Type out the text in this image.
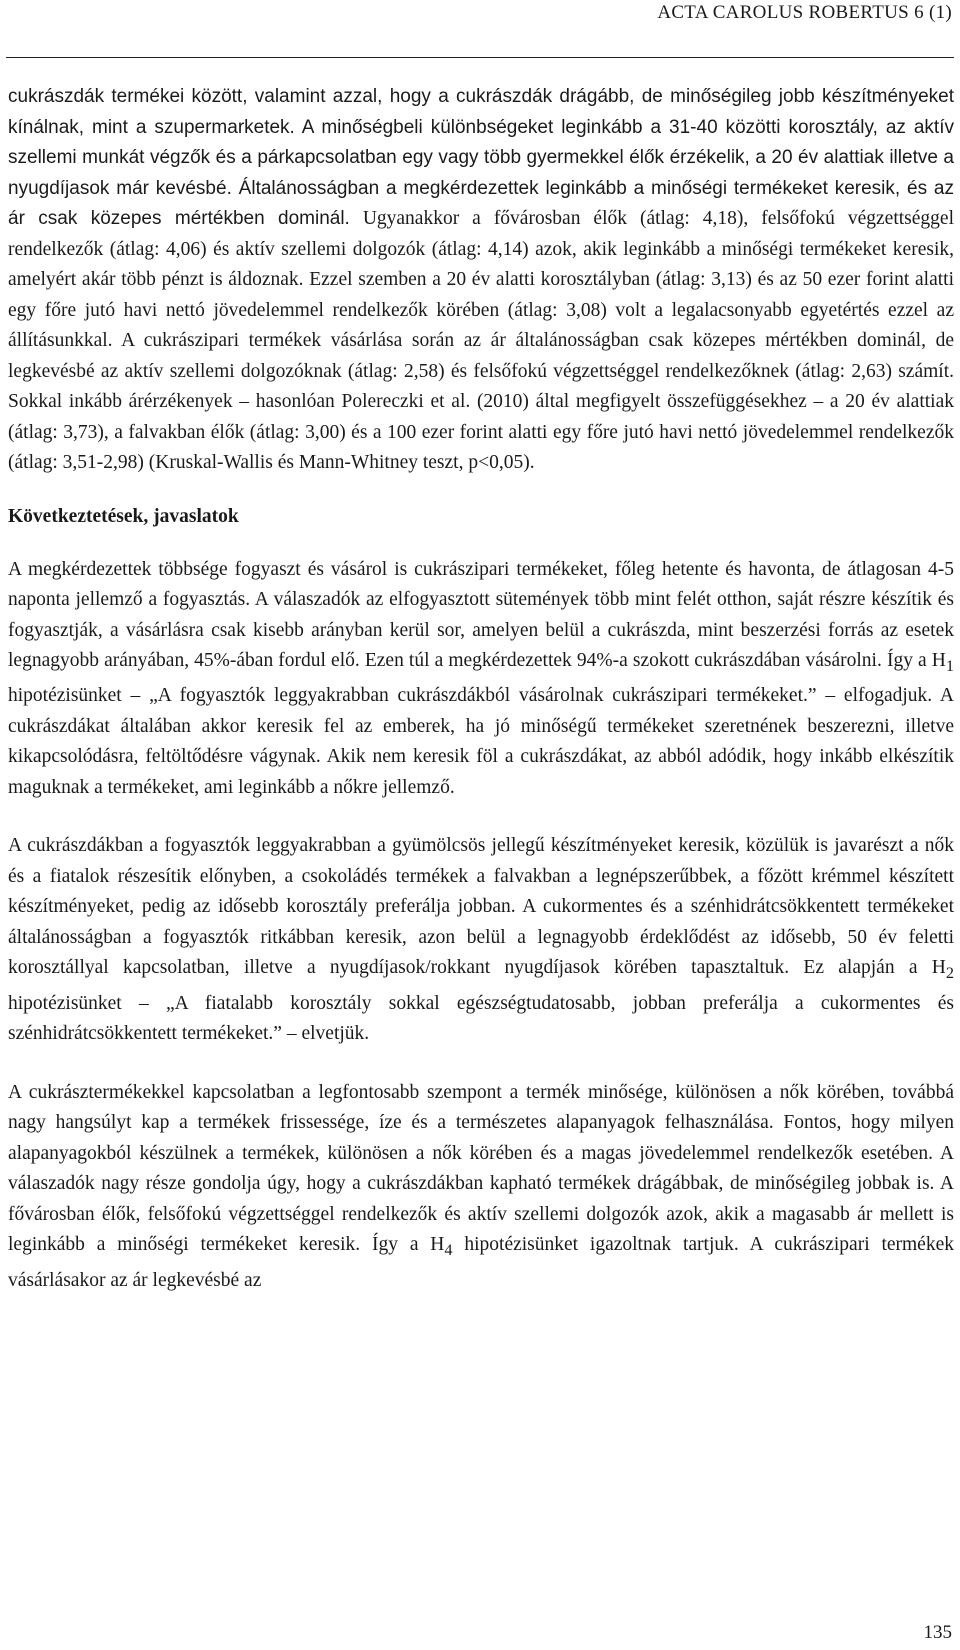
ACTA CAROLUS ROBERTUS 6 (1)

cukrászdák termékei között, valamint azzal, hogy a cukrászdák drágább, de minőségileg jobb készítményeket kínálnak, mint a szupermarketek. A minőségbeli különbségeket leginkább a 31-40 közötti korosztály, az aktív szellemi munkát végzők és a párkapcsolatban egy vagy több gyermekkel élők érzékelik, a 20 év alattiak illetve a nyugdíjasok már kevésbé. Általánosságban a megkérdezettek leginkább a minőségi termékeket keresik, és az ár csak közepes mértékben dominál. Ugyanakkor a fővárosban élők (átlag: 4,18), felsőfokú végzettséggel rendelkezők (átlag: 4,06) és aktív szellemi dolgozók (átlag: 4,14) azok, akik leginkább a minőségi termékeket keresik, amelyért akár több pénzt is áldoznak. Ezzel szemben a 20 év alatti korosztályban (átlag: 3,13) és az 50 ezer forint alatti egy főre jutó havi nettó jövedelemmel rendelkezők körében (átlag: 3,08) volt a legalacsonyabb egyetértés ezzel az állításunkkal. A cukrászipari termékek vásárlása során az ár általánosságban csak közepes mértékben dominál, de legkevésbé az aktív szellemi dolgozóknak (átlag: 2,58) és felsőfokú végzettséggel rendelkezőknek (átlag: 2,63) számít. Sokkal inkább árérzékenyek – hasonlóan Polereczki et al. (2010) által megfigyelt összefüggésekhez – a 20 év alattiak (átlag: 3,73), a falvakban élők (átlag: 3,00) és a 100 ezer forint alatti egy főre jutó havi nettó jövedelemmel rendelkezők (átlag: 3,51-2,98) (Kruskal-Wallis és Mann-Whitney teszt, p<0,05).

Következtetések, javaslatok

A megkérdezettek többsége fogyaszt és vásárol is cukrászipari termékeket, főleg hetente és havonta, de átlagosan 4-5 naponta jellemző a fogyasztás. A válaszadók az elfogyasztott sütemények több mint felét otthon, saját részre készítik és fogyasztják, a vásárlásra csak kisebb arányban kerül sor, amelyen belül a cukrászda, mint beszerzési forrás az esetek legnagyobb arányában, 45%-ában fordul elő. Ezen túl a megkérdezettek 94%-a szokott cukrászdában vásárolni. Így a $H_1$ hipotézisünket – „A fogyasztók leggyakrabban cukrászdákból vásárolnak cukrászipari termékeket.” – elfogadjuk. A cukrászdákat általában akkor keresik fel az emberek, ha jó minőségű termékeket szeretnének beszerezni, illetve kikapcsolódásra, feltöltődésre vágynak. Akik nem keresik föl a cukrászdákat, az abból adódik, hogy inkább elkészítik maguknak a termékeket, ami leginkább a nőkre jellemző.

A cukrászdákban a fogyasztók leggyakrabban a gyümölcsös jellegű készítményeket keresik, közülük is javarészt a nők és a fiatalok részesítik előnyben, a csokoládés termékek a falvakban a legnépszerűbbek, a főzött krémmel készített készítményeket, pedig az idősebb korosztály preferálja jobban. A cukormentes és a szénhidrátcsökkentett termékeket általánosságban a fogyasztók ritkábban keresik, azon belül a legnagyobb érdeklődést az idősebb, 50 év feletti korosztállyal kapcsolatban, illetve a nyugdíjasok/rokkant nyugdíjasok körében tapasztaltuk. Ez alapján a $H_2$ hipotézisünket – „A fiatalabb korosztály sokkal egészségtudatosabb, jobban preferálja a cukormentes és szénhidrátcsökkentett termékeket.” – elvetjük.

A cukrásztermékekkel kapcsolatban a legfontosabb szempont a termék minősége, különösen a nők körében, továbbá nagy hangsúlyt kap a termékek frissessége, íze és a természetes alapanyagok felhasználása. Fontos, hogy milyen alapanyagokból készülnek a termékek, különösen a nők körében és a magas jövedelemmel rendelkezők esetében. A válaszadók nagy része gondolja úgy, hogy a cukrászdákban kapható termékek drágábbak, de minőségileg jobbak is. A fővárosban élők, felsőfokú végzettséggel rendelkezők és aktív szellemi dolgozók azok, akik a magasabb ár mellett is leginkább a minőségi termékeket keresik. Így a $H_4$ hipotézisünket igazoltnak tartjuk. A cukrászipari termékek vásárlásakor az ár legkevésbé az

135
